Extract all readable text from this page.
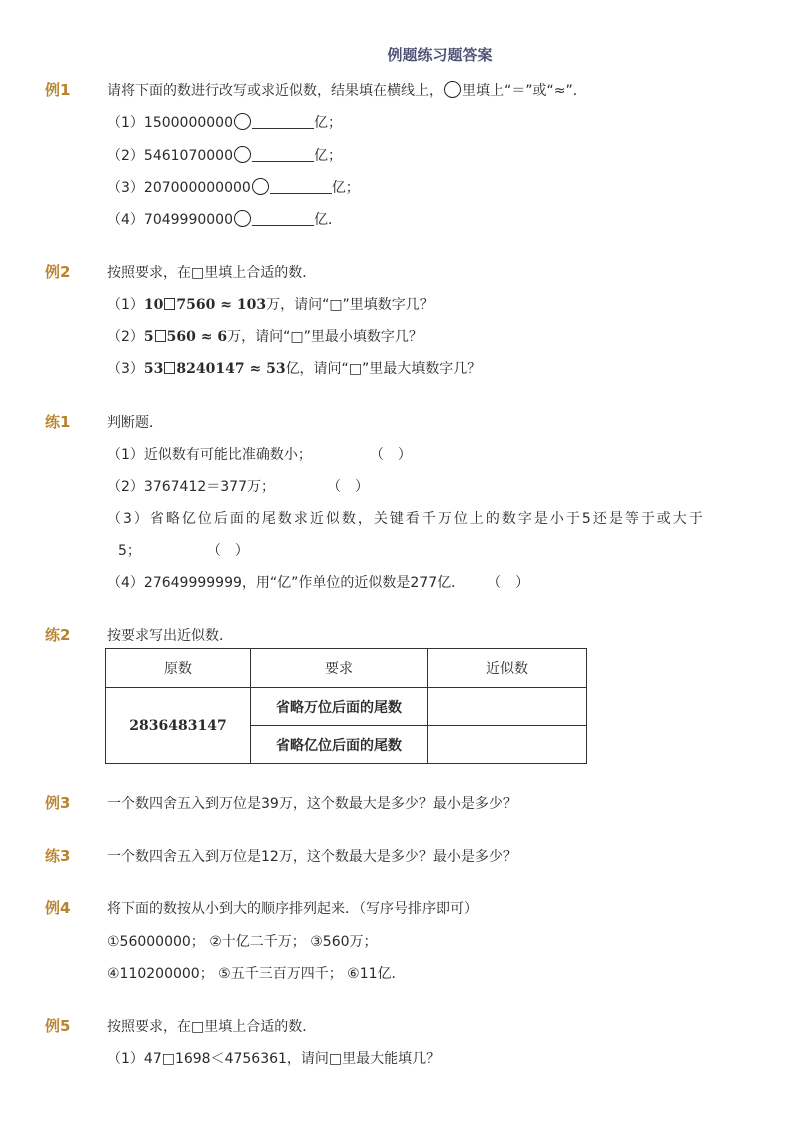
例题练习题答案
例1	请将下面的数进行改写或求近似数，结果填在横线上， 里填上“＝”或“≈”．
（1）1500000000	亿；
（2）5461070000	亿；
（3）207000000000	亿；
（4）7049990000	亿．
例2	按照要求，在□里填上合适的数．
（1）10 7560 ≈ 103万，请问“□”里填数字几？
（2）5 560 ≈ 6万，请问“□”里最小填数字几？
（3）53 8240147 ≈ 53亿，请问“□”里最大填数字几？
练1	判断题．
（1）近似数有可能比准确数小；	（　）
（2）3767412＝377万；	（　）
（3）省略亿位后面的尾数求近似数，关键看千万位上的数字是小于5还是等于或大于
5；	（　）
（4）27649999999，用“亿”作单位的近似数是277亿． （　）
练2	按要求写出近似数．
原数	要求	近似数
2836483147	省略万位后面的尾数	
	省略亿位后面的尾数	
例3	一个数四舍五入到万位是39万，这个数最大是多少？最小是多少？
练3	一个数四舍五入到万位是12万，这个数最大是多少？最小是多少？
例4	将下面的数按从小到大的顺序排列起来．（写序号排序即可）
①56000000； ②十亿二千万； ③560万；
④110200000； ⑤五千三百万四千； ⑥11亿．
例5	按照要求，在□里填上合适的数．
（1）47□1698＜4756361，请问□里最大能填几？
